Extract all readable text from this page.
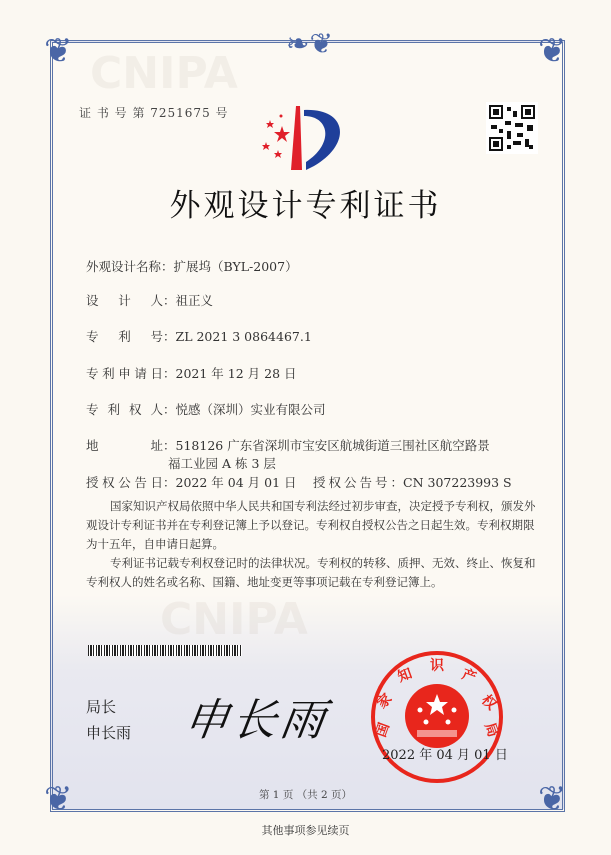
❦	❦
❦	❦
❧❦
CNIPA
CNIPA
证 书 号 第 7251675 号
外观设计专利证书
外观设计名称：扩展坞（BYL-2007）
设计人：祖正义
专利号：ZL 2021 3 0864467.1
专利申请日：2021 年 12 月 28 日
专利权人：悦感（深圳）实业有限公司
地址：518126 广东省深圳市宝安区航城街道三围社区航空路景
福工业园 A 栋 3 层
授权公告日：2022 年 04 月 01 日 授权公告号：CN 307223993 S
国家知识产权局依照中华人民共和国专利法经过初步审查，决定授予专利权，颁发外观设计专利证书并在专利登记簿上予以登记。专利权自授权公告之日起生效。专利权期限为十五年，自申请日起算。
专利证书记载专利权登记时的法律状况。专利权的转移、质押、无效、终止、恢复和专利权人的姓名或名称、国籍、地址变更等事项记载在专利登记簿上。
局长
申长雨 申长雨	国
家
知 识
产
权
局
2022 年 04 月 01 日
第 1 页 （共 2 页）
其他事项参见续页
